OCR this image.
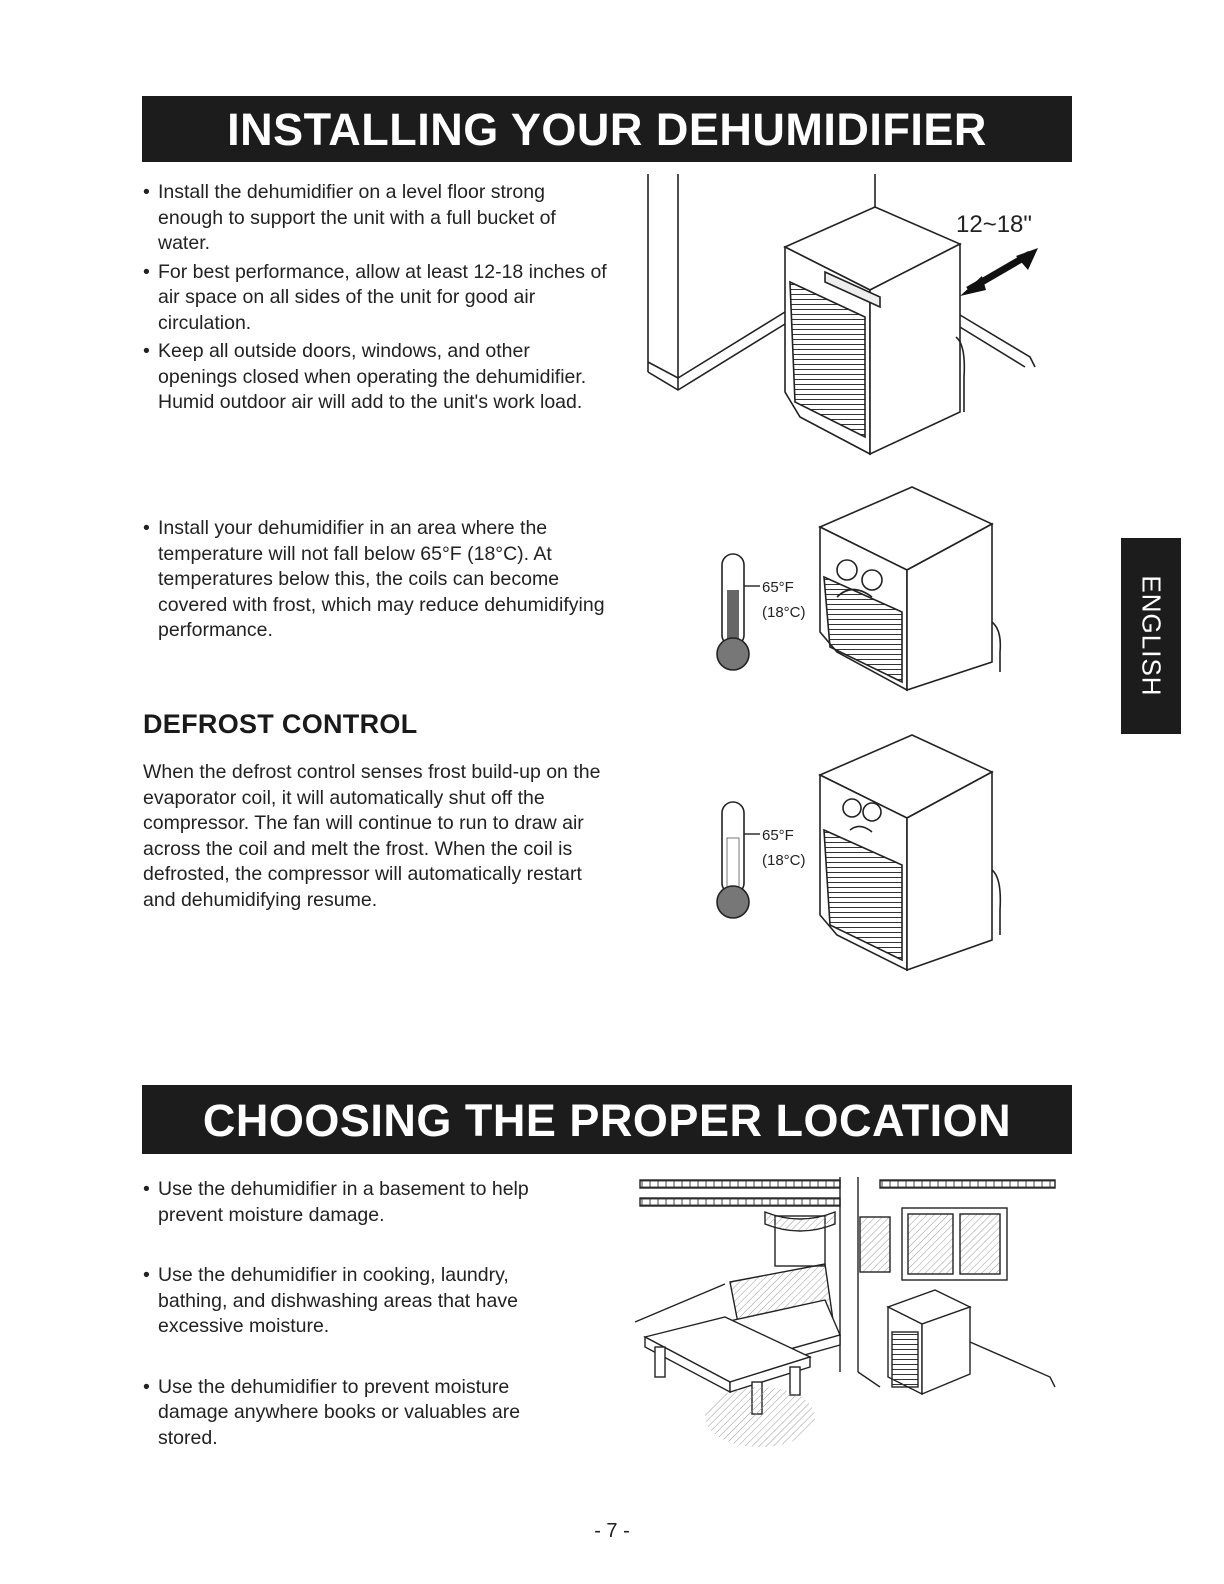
INSTALLING YOUR DEHUMIDIFIER
• Install the dehumidifier on a level floor strong enough to support the unit with a full bucket of water.
• For best performance, allow at least 12-18 inches of air space on all sides of the unit for good air circulation.
• Keep all outside doors, windows, and other openings closed when operating the dehumidifier. Humid outdoor air will add to the unit's work load.
12~18"
• Install your dehumidifier in an area where the temperature will not fall below 65°F (18°C). At temperatures below this, the coils can become covered with frost, which may reduce dehumidifying performance.
65°F
(18°C)
DEFROST CONTROL

When the defrost control senses frost build-up on the evaporator coil, it will automatically shut off the compressor. The fan will continue to run to draw air across the coil and melt the frost. When the coil is defrosted, the compressor will automatically restart and dehumidifying resume.

65°F
(18°C)
CHOOSING THE PROPER LOCATION
• Use the dehumidifier in a basement to help prevent moisture damage.
• Use the dehumidifier in cooking, laundry, bathing, and dishwashing areas that have excessive moisture.
• Use the dehumidifier to prevent moisture damage anywhere books or valuables are stored.
ENGLISH
- 7 -
